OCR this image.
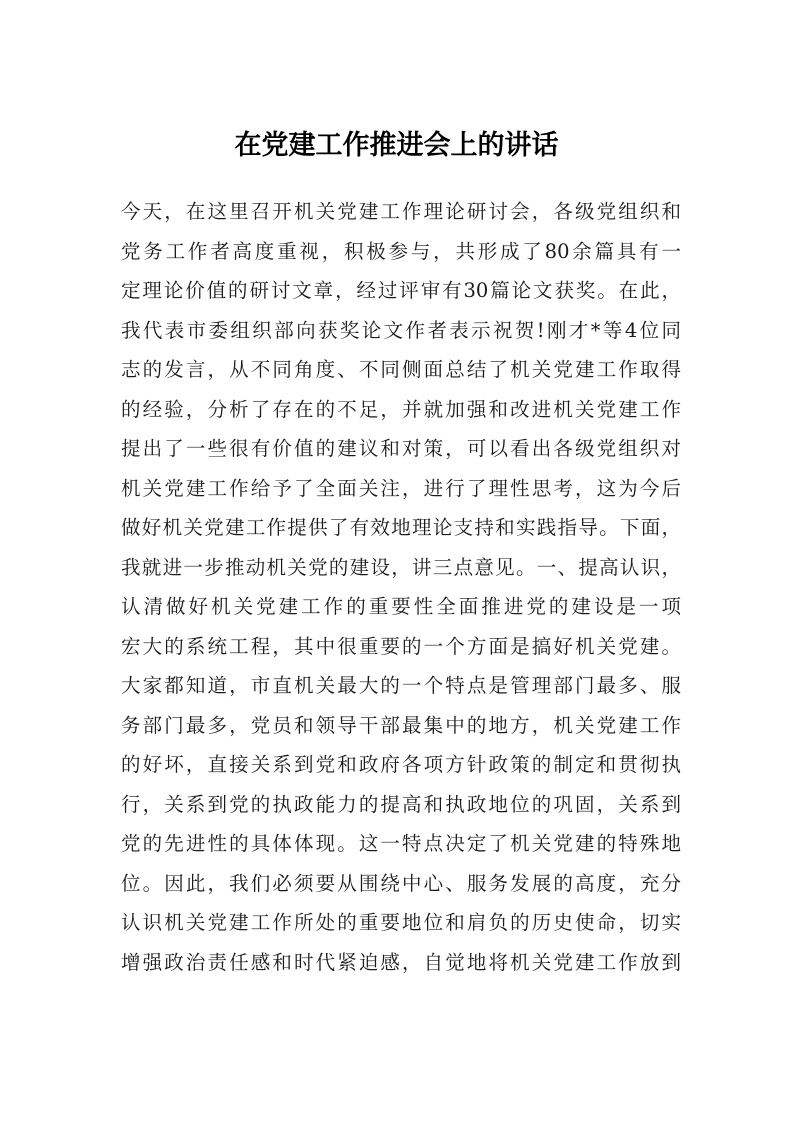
在党建工作推进会上的讲话
今天，在这里召开机关党建工作理论研讨会，各级党组织和
党务工作者高度重视，积极参与，共形成了80余篇具有一
定理论价值的研讨文章，经过评审有30篇论文获奖。在此，
我代表市委组织部向获奖论文作者表示祝贺!刚才*等4位同
志的发言，从不同角度、不同侧面总结了机关党建工作取得
的经验，分析了存在的不足，并就加强和改进机关党建工作
提出了一些很有价值的建议和对策，可以看出各级党组织对
机关党建工作给予了全面关注，进行了理性思考，这为今后
做好机关党建工作提供了有效地理论支持和实践指导。下面，
我就进一步推动机关党的建设，讲三点意见。一、提高认识，
认清做好机关党建工作的重要性全面推进党的建设是一项
宏大的系统工程，其中很重要的一个方面是搞好机关党建。
大家都知道，市直机关最大的一个特点是管理部门最多、服
务部门最多，党员和领导干部最集中的地方，机关党建工作
的好坏，直接关系到党和政府各项方针政策的制定和贯彻执
行，关系到党的执政能力的提高和执政地位的巩固，关系到
党的先进性的具体体现。这一特点决定了机关党建的特殊地
位。因此，我们必须要从围绕中心、服务发展的高度，充分
认识机关党建工作所处的重要地位和肩负的历史使命，切实
增强政治责任感和时代紧迫感，自觉地将机关党建工作放到
